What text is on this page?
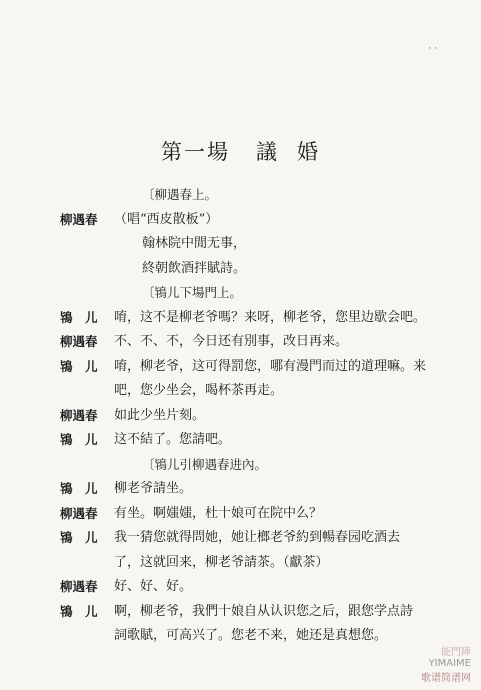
· ·
第一場 議 婚
〔柳遇春上。
柳遇春	（唱“西皮散板”）
翰林院中閒无事，
終朝飲酒拌賦詩。
〔鴇儿下場門上。
鴇　儿	唷，这不是柳老爷嗎？来呀，柳老爷，您里边歇会吧。
柳遇春	不、不、不，今日还有別事，改日再来。
鴇　儿	唷，柳老爷，这可得罰您，哪有漫門而过的道理嘛。来
吧，您少坐会，喝杯茶再走。
柳遇春	如此少坐片刻。
鴇　儿	这不結了。您請吧。
〔鴇儿引柳遇春进內。
鴇　儿	柳老爷請坐。
柳遇春	有坐。啊媸媸，杜十娘可在院中么？
鴇　儿	我一猜您就得問她，她让榔老爷約到暢春园吃酒去
了，这就回来，柳老爷請茶。（獻茶）
柳遇春	好、好、好。
鴇　儿	啊，柳老爷，我們十娘自从认识您之后，跟您学点詩
詞歌賦，可高兴了。您老不来，她还是真想您。
能門陣
YIMAIME
歌谱简谱网
